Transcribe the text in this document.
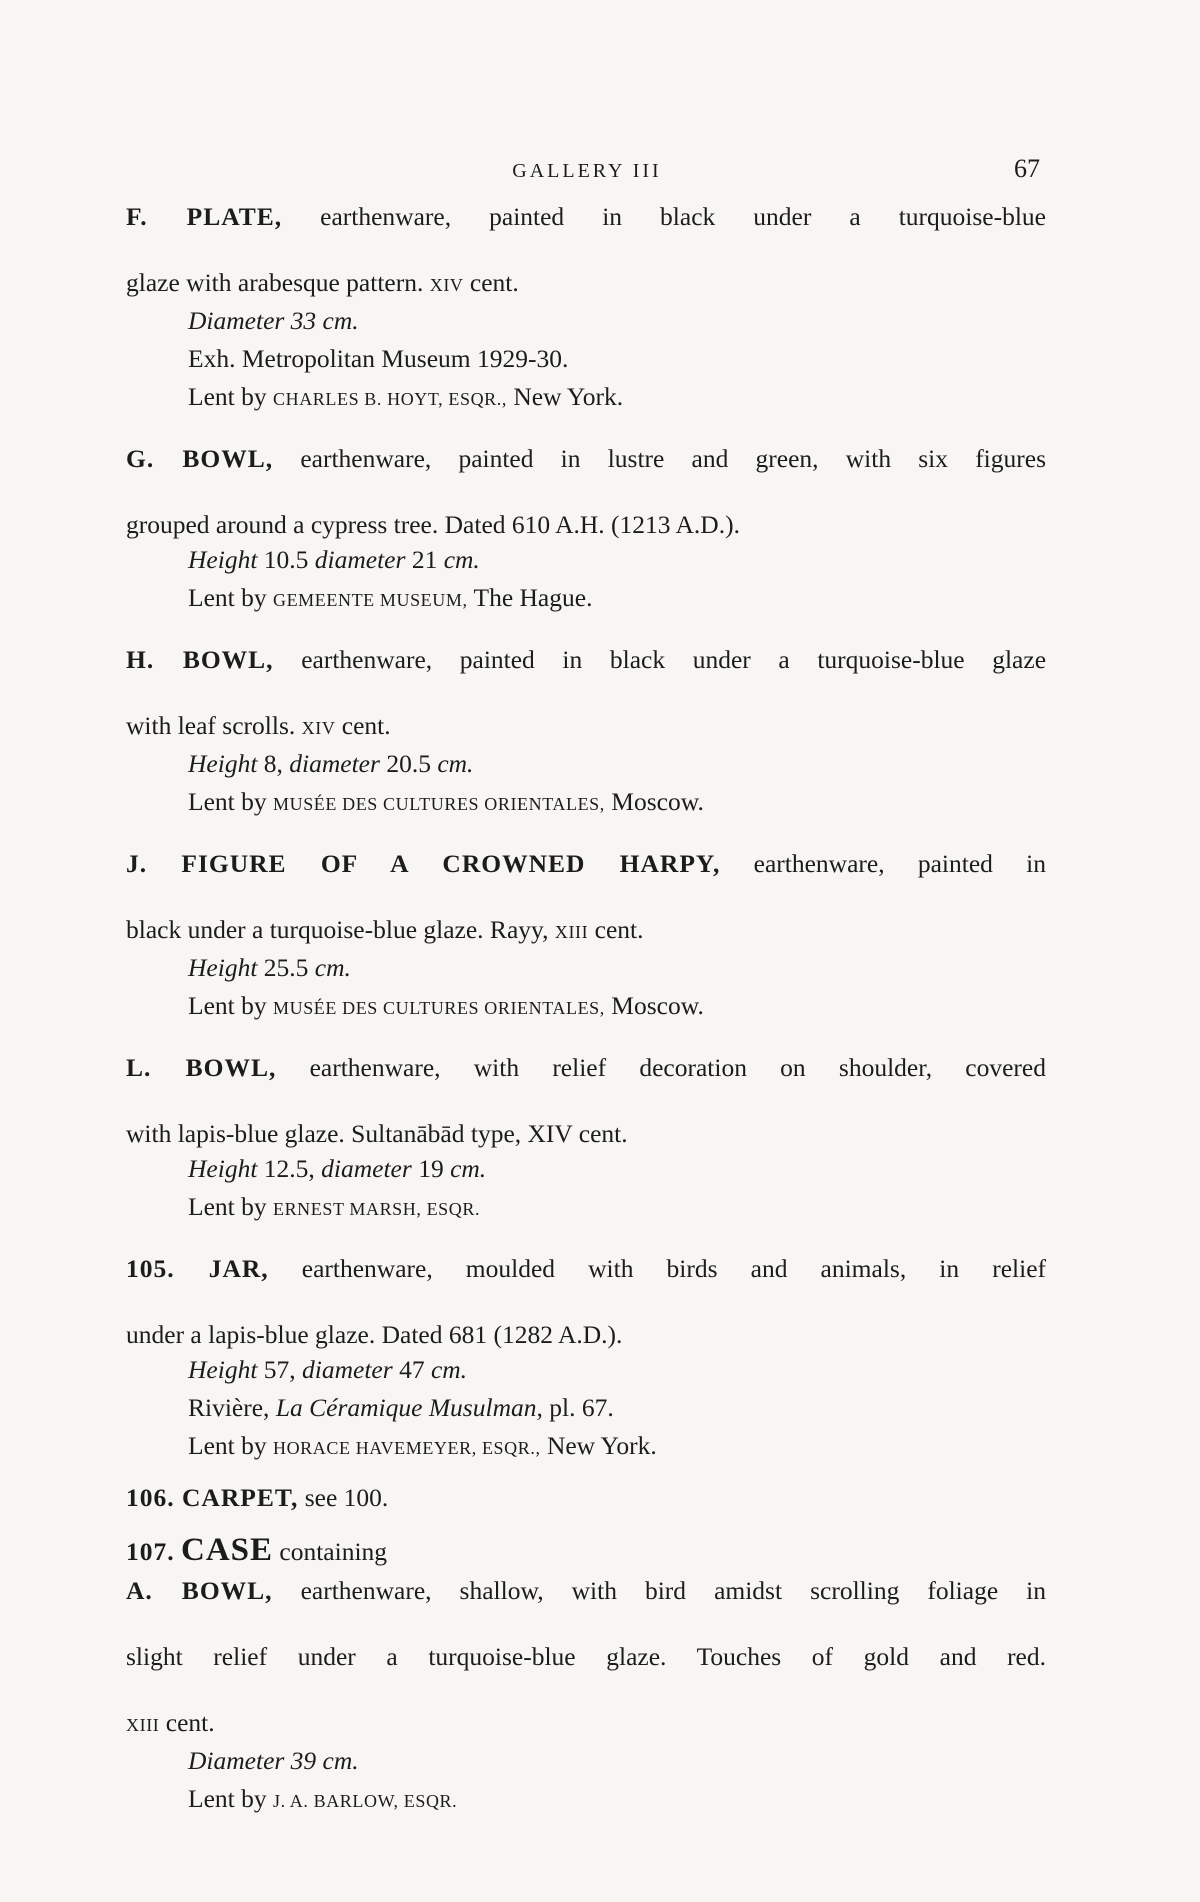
GALLERY III	67
F. PLATE, earthenware, painted in black under a turquoise-blue
glaze with arabesque pattern. XIV cent.
Diameter 33 cm.
Exh. Metropolitan Museum 1929-30.
Lent by CHARLES B. HOYT, ESQR., New York.
G. BOWL, earthenware, painted in lustre and green, with six figures
grouped around a cypress tree. Dated 610 A.H. (1213 A.D.).
Height 10.5 diameter 21 cm.
Lent by GEMEENTE MUSEUM, The Hague.
H. BOWL, earthenware, painted in black under a turquoise-blue glaze
with leaf scrolls. XIV cent.
Height 8, diameter 20.5 cm.
Lent by MUSÉE DES CULTURES ORIENTALES, Moscow.
J. FIGURE OF A CROWNED HARPY, earthenware, painted in
black under a turquoise-blue glaze. Rayy, XIII cent.
Height 25.5 cm.
Lent by MUSÉE DES CULTURES ORIENTALES, Moscow.
L. BOWL, earthenware, with relief decoration on shoulder, covered
with lapis-blue glaze. Sultanābād type, XIV cent.
Height 12.5, diameter 19 cm.
Lent by ERNEST MARSH, ESQR.
105. JAR, earthenware, moulded with birds and animals, in relief
under a lapis-blue glaze. Dated 681 (1282 A.D.).
Height 57, diameter 47 cm.
Rivière, La Céramique Musulman, pl. 67.
Lent by HORACE HAVEMEYER, ESQR., New York.
106. CARPET, see 100.
107. CASE containing
A. BOWL, earthenware, shallow, with bird amidst scrolling foliage in
slight relief under a turquoise-blue glaze. Touches of gold and red.
XIII cent.
Diameter 39 cm.
Lent by J. A. BARLOW, ESQR.
